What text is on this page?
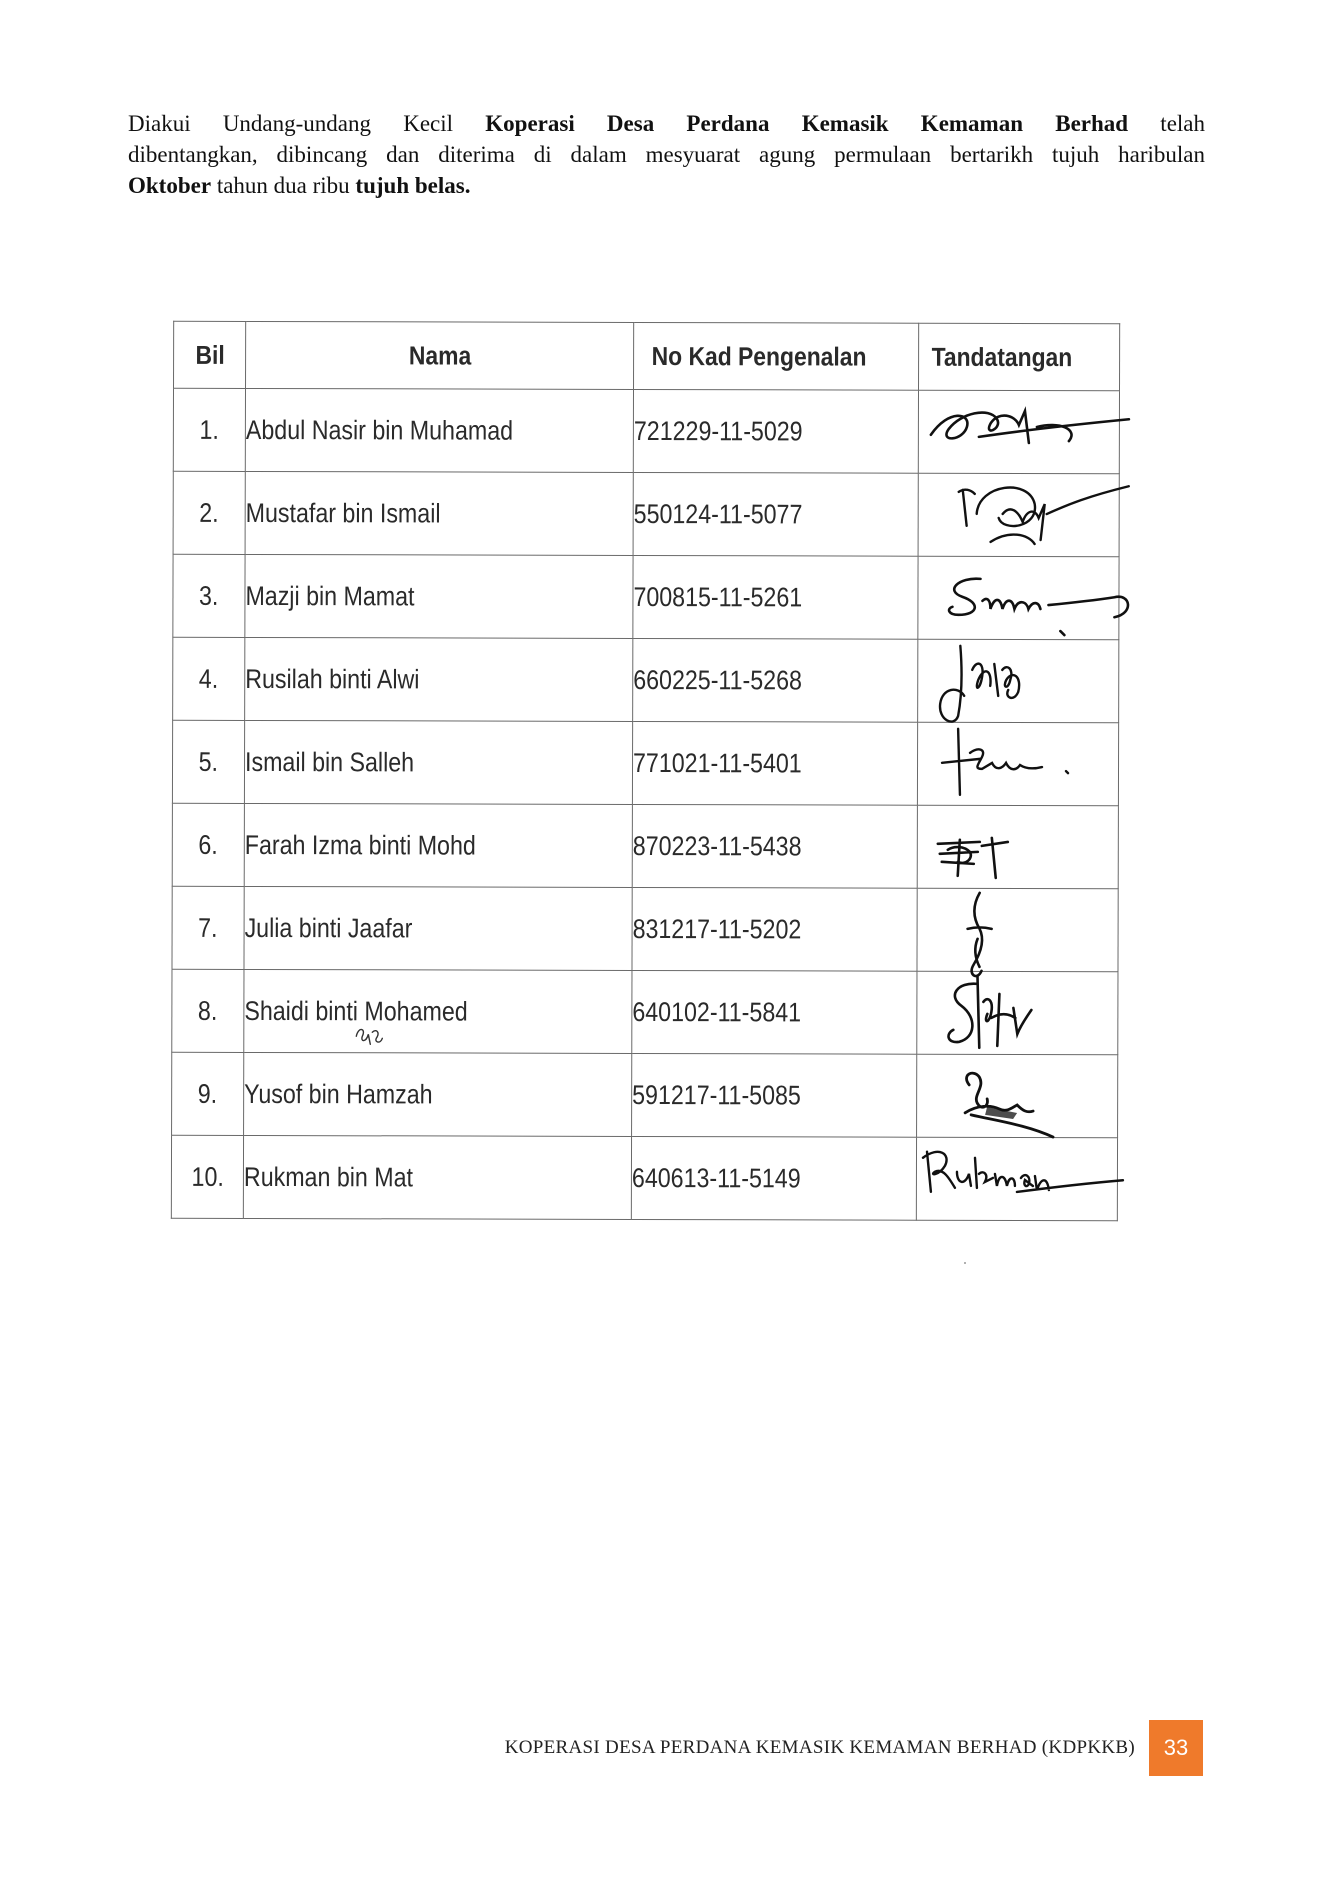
Diakui Undang-undang Kecil Koperasi Desa Perdana Kemasik Kemaman Berhad telah
dibentangkan, dibincang dan diterima di dalam mesyuarat agung permulaan bertarikh tujuh haribulan
Oktober tahun dua ribu tujuh belas.
Bil	Nama	No Kad Pengenalan	Tandatangan

1.	Abdul Nasir bin Muhamad	721229-11-5029	

2.	Mustafar bin Ismail	550124-11-5077	

3.	Mazji bin Mamat	700815-11-5261	

4.	Rusilah binti Alwi	660225-11-5268	

5.	Ismail bin Salleh	771021-11-5401	

6.	Farah Izma binti Mohd	870223-11-5438	

7.	Julia binti Jaafar	831217-11-5202	

8.	Shaidi binti Mohamed	640102-11-5841	

9.	Yusof bin Hamzah	591217-11-5085	

10.	Rukman bin Mat	640613-11-5149	
KOPERASI DESA PERDANA KEMASIK KEMAMAN BERHAD (KDPKKB)	33
